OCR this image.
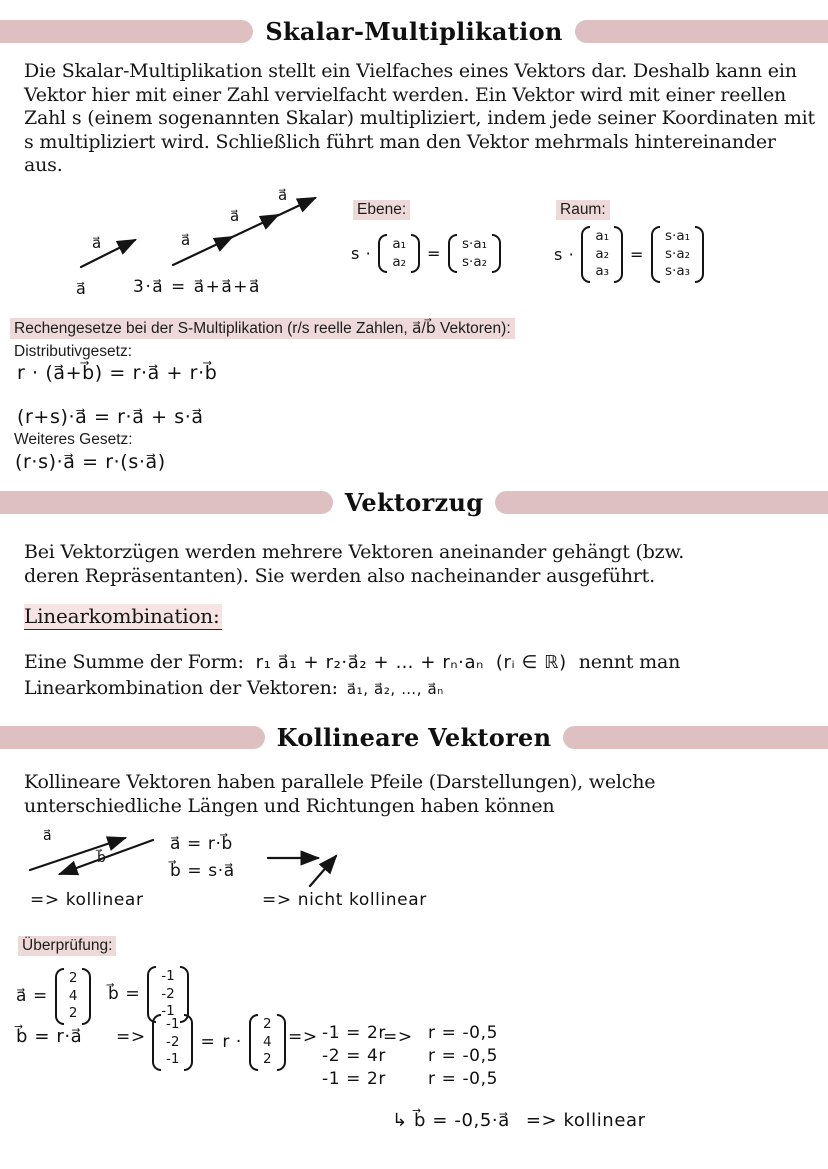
Skalar-Multiplikation

Die Skalar-Multiplikation stellt ein Vielfaches eines Vektors dar. Deshalb kann ein Vektor hier mit einer Zahl vervielfacht werden. Ein Vektor wird mit einer reellen Zahl s (einem sogenannten Skalar) multipliziert, indem jede seiner Koordinaten mit s multipliziert wird. Schließlich führt man den Vektor mehrmals hintereinander aus.

a⃗
a⃗
a⃗
a⃗
a⃗
3·a⃗ = a⃗+a⃗+a⃗
Ebene:
s ·
a₁
a₂ =
s·a₁
s·a₂
Raum:
s ·
a₁
a₂
a₃
=
s·a₁
s·a₂
s·a₃
Rechengesetze bei der S-Multiplikation (r/s reelle Zahlen, a⃗/b⃗ Vektoren):
Distributivgesetz:
r · (a⃗+b⃗) = r·a⃗ + r·b⃗
(r+s)·a⃗ = r·a⃗ + s·a⃗
Weiteres Gesetz:
(r·s)·a⃗ = r·(s·a⃗)
Vektorzug

Bei Vektorzügen werden mehrere Vektoren aneinander gehängt (bzw. deren Repräsentanten). Sie werden also nacheinander ausgeführt.

Linearkombination:
Eine Summe der Form: r₁ a⃗₁ + r₂·a⃗₂ + … + rₙ·aₙ (rᵢ ∈ ℝ) nennt man
Linearkombination der Vektoren: a⃗₁, a⃗₂, …, a⃗ₙ
Kollineare Vektoren

Kollineare Vektoren haben parallele Pfeile (Darstellungen), welche unterschiedliche Längen und Richtungen haben können

a⃗
b⃗
=> kollinear
a⃗ = r·b⃗
b⃗ = s·a⃗
=> nicht kollinear
Überprüfung:
a⃗ =
2
4
2
b⃗ =
-1
-2
-1
b⃗ = r·a⃗ =>
-1
-2
-1
= r ·
2
4
2
=> -1 = 2r
-2 = 4r
-1 = 2r
=> r = -0,5
r = -0,5
r = -0,5
↳ b⃗ = -0,5·a⃗ => kollinear
